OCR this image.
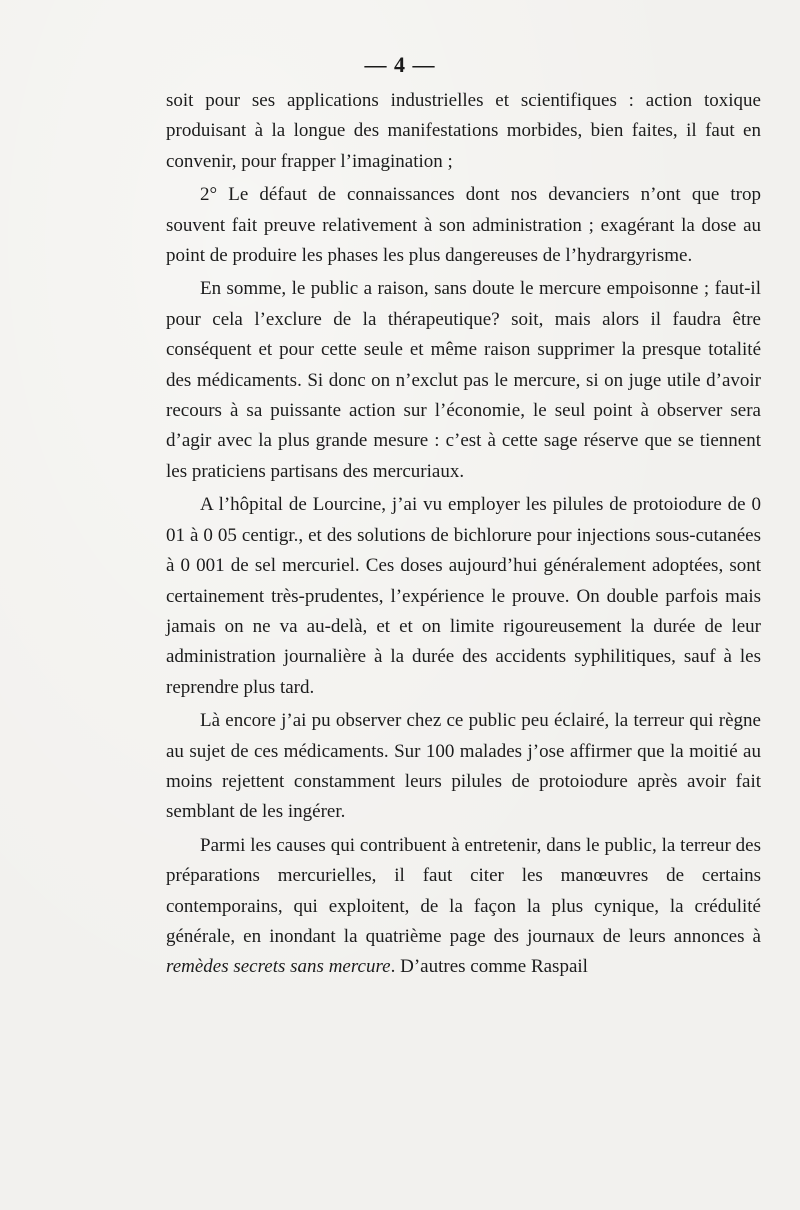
— 4 —

soit pour ses applications industrielles et scientifiques : action toxique produisant à la longue des manifestations morbides, bien faites, il faut en convenir, pour frapper l’imagination ;

2° Le défaut de connaissances dont nos devanciers n’ont que trop souvent fait preuve relativement à son administration ; exagérant la dose au point de produire les phases les plus dangereuses de l’hydrargyrisme.

En somme, le public a raison, sans doute le mercure empoisonne ; faut-il pour cela l’exclure de la thérapeutique? soit, mais alors il faudra être conséquent et pour cette seule et même raison supprimer la presque totalité des médicaments. Si donc on n’exclut pas le mercure, si on juge utile d’avoir recours à sa puissante action sur l’économie, le seul point à observer sera d’agir avec la plus grande mesure : c’est à cette sage réserve que se tiennent les praticiens partisans des mercuriaux.

A l’hôpital de Lourcine, j’ai vu employer les pilules de protoiodure de 0 01 à 0 05 centigr., et des solutions de bichlorure pour injections sous-cutanées à 0 001 de sel mercuriel. Ces doses aujourd’hui généralement adoptées, sont certainement très-prudentes, l’expérience le prouve. On double parfois mais jamais on ne va au-delà, et et on limite rigoureusement la durée de leur administration journalière à la durée des accidents syphilitiques, sauf à les reprendre plus tard.

Là encore j’ai pu observer chez ce public peu éclairé, la terreur qui règne au sujet de ces médicaments. Sur 100 malades j’ose affirmer que la moitié au moins rejettent constamment leurs pilules de protoiodure après avoir fait semblant de les ingérer.

Parmi les causes qui contribuent à entretenir, dans le public, la terreur des préparations mercurielles, il faut citer les manœuvres de certains contemporains, qui exploitent, de la façon la plus cynique, la crédulité générale, en inondant la quatrième page des journaux de leurs annonces à remèdes secrets sans mercure. D’autres comme Raspail
